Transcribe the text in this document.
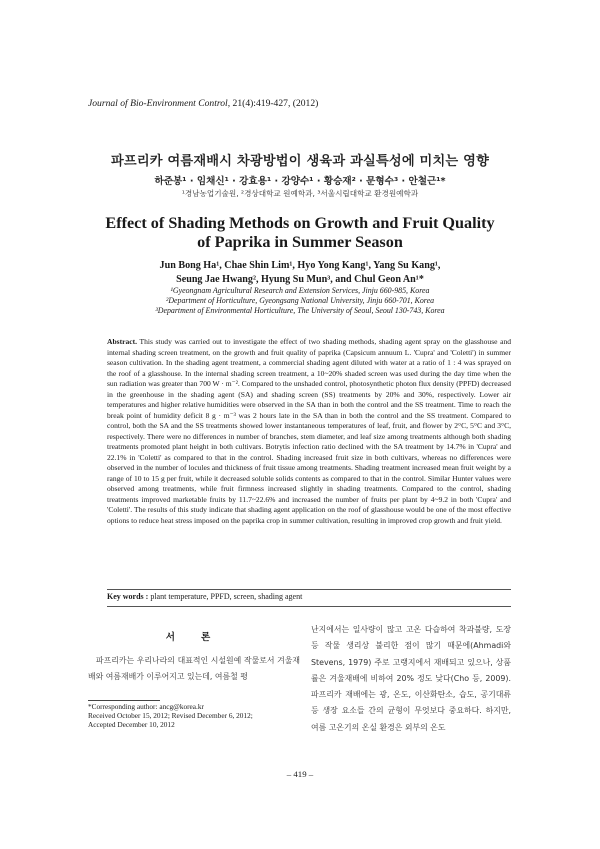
Journal of Bio-Environment Control, 21(4):419-427, (2012)
파프리카 여름재배시 차광방법이 생육과 과실특성에 미치는 영향
하준봉¹ · 임채신¹ · 강효용¹ · 강양수¹ · 황승재² · 문형수³ · 안철근¹*
¹경남농업기술원, ²경상대학교 원예학과, ³서울시립대학교 환경원예학과
Effect of Shading Methods on Growth and Fruit Quality
of Paprika in Summer Season
Jun Bong Ha¹, Chae Shin Lim¹, Hyo Yong Kang¹, Yang Su Kang¹,
Seung Jae Hwang², Hyung Su Mun³, and Chul Geon An¹*
¹Gyeongnam Agricultural Research and Extension Services, Jinju 660-985, Korea
²Department of Horticulture, Gyeongsang National University, Jinju 660-701, Korea
³Department of Environmental Horticulture, The University of Seoul, Seoul 130-743, Korea
Abstract. This study was carried out to investigate the effect of two shading methods, shading agent spray on the glasshouse and internal shading screen treatment, on the growth and fruit quality of paprika (Capsicum annuum L. 'Cupra' and 'Coletti') in summer season cultivation. In the shading agent treatment, a commercial shading agent diluted with water at a ratio of 1 : 4 was sprayed on the roof of a glasshouse. In the internal shading screen treatment, a 10~20% shaded screen was used during the day time when the sun radiation was greater than 700 W · m⁻². Compared to the unshaded control, photosynthetic photon flux density (PPFD) decreased in the greenhouse in the shading agent (SA) and shading screen (SS) treatments by 20% and 30%, respectively. Lower air temperatures and higher relative humidities were observed in the SA than in both the control and the SS treatment. Time to reach the break point of humidity deficit 8 g · m⁻³ was 2 hours late in the SA than in both the control and the SS treatment. Compared to control, both the SA and the SS treatments showed lower instantaneous temperatures of leaf, fruit, and flower by 2°C, 5°C and 3°C, respectively. There were no differences in number of branches, stem diameter, and leaf size among treatments although both shading treatments promoted plant height in both cultivars. Botrytis infection ratio declined with the SA treatment by 14.7% in 'Cupra' and 22.1% in 'Coletti' as compared to that in the control. Shading increased fruit size in both cultivars, whereas no differences were observed in the number of locules and thickness of fruit tissue among treatments. Shading treatment increased mean fruit weight by a range of 10 to 15 g per fruit, while it decreased soluble solids contents as compared to that in the control. Similar Hunter values were observed among treatments, while fruit firmness increased slightly in shading treatments. Compared to the control, shading treatments improved marketable fruits by 11.7~22.6% and increased the number of fruits per plant by 4~9.2 in both 'Cupra' and 'Coletti'. The results of this study indicate that shading agent application on the roof of glasshouse would be one of the most effective options to reduce heat stress imposed on the paprika crop in summer cultivation, resulting in improved crop growth and fruit yield.
Key words : plant temperature, PPFD, screen, shading agent
서론

파프리카는 우리나라의 대표적인 시설원예 작물로서 겨울재배와 여름재배가 이루어지고 있는데, 여름철 평

난지에서는 일사량이 많고 고온 다습하여 착과불량, 도장 등 작물 생리상 불리한 점이 많기 때문에(Ahmadi와 Stevens, 1979) 주로 고랭지에서 재배되고 있으나, 상품률은 겨울재배에 비하여 20% 정도 낮다(Cho 등, 2009). 파프리카 재배에는 광, 온도, 이산화탄소, 습도, 공기대류 등 생장 요소들 간의 균형이 무엇보다 중요하다. 하지만, 여름 고온기의 온실 환경은 외부의 온도

*Corresponding author: ancg@korea.kr
Received October 15, 2012; Revised December 6, 2012;
Accepted December 10, 2012
– 419 –
